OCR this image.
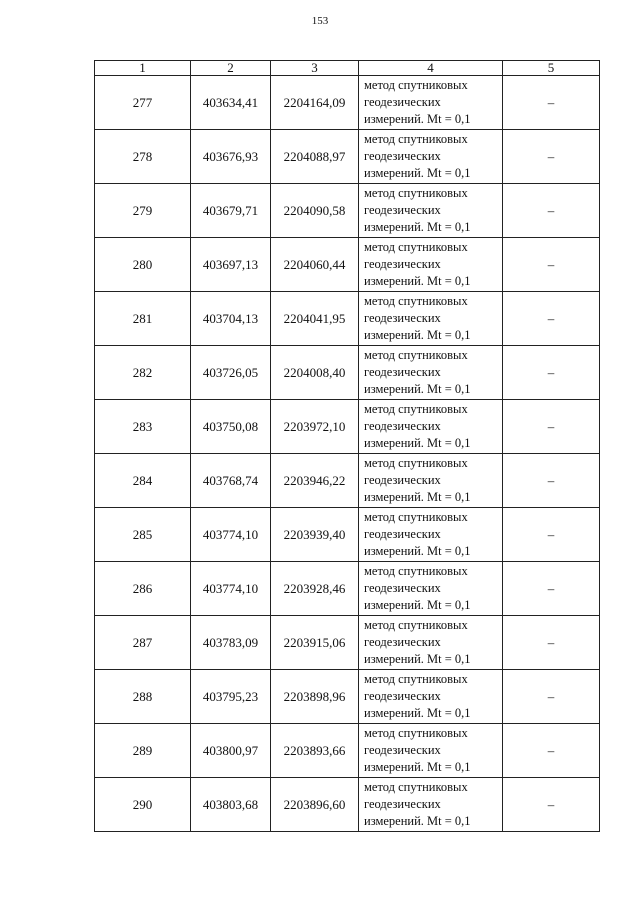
153
1	2	3	4	5
277	403634,41	2204164,09	метод спутниковых
геодезических
измерений. Mt = 0,1	–
278	403676,93	2204088,97	метод спутниковых
геодезических
измерений. Mt = 0,1	–
279	403679,71	2204090,58	метод спутниковых
геодезических
измерений. Mt = 0,1	–
280	403697,13	2204060,44	метод спутниковых
геодезических
измерений. Mt = 0,1	–
281	403704,13	2204041,95	метод спутниковых
геодезических
измерений. Mt = 0,1	–
282	403726,05	2204008,40	метод спутниковых
геодезических
измерений. Mt = 0,1	–
283	403750,08	2203972,10	метод спутниковых
геодезических
измерений. Mt = 0,1	–
284	403768,74	2203946,22	метод спутниковых
геодезических
измерений. Mt = 0,1	–
285	403774,10	2203939,40	метод спутниковых
геодезических
измерений. Mt = 0,1	–
286	403774,10	2203928,46	метод спутниковых
геодезических
измерений. Mt = 0,1	–
287	403783,09	2203915,06	метод спутниковых
геодезических
измерений. Mt = 0,1	–
288	403795,23	2203898,96	метод спутниковых
геодезических
измерений. Mt = 0,1	–
289	403800,97	2203893,66	метод спутниковых
геодезических
измерений. Mt = 0,1	–
290	403803,68	2203896,60	метод спутниковых
геодезических
измерений. Mt = 0,1	–
